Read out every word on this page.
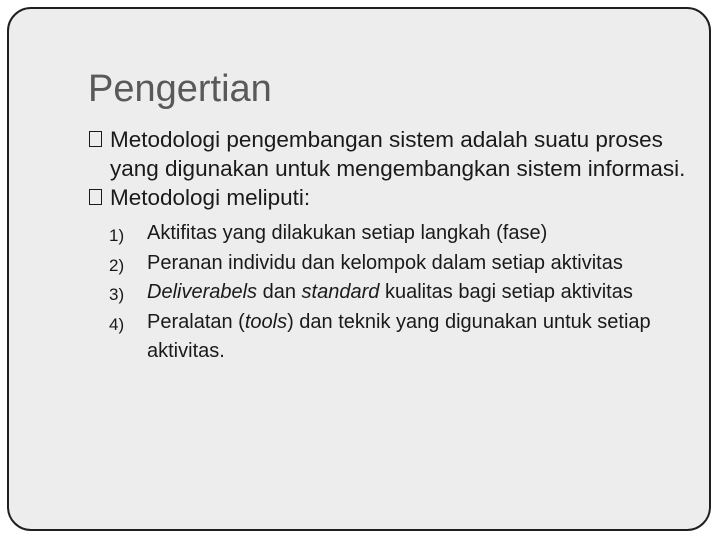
Pengertian
Metodologi pengembangan sistem adalah suatu proses yang digunakan untuk mengembangkan sistem informasi.
Metodologi meliputi:
1) Aktifitas yang dilakukan setiap langkah (fase)
2) Peranan individu dan kelompok dalam setiap aktivitas
3) Deliverabels dan standard kualitas bagi setiap aktivitas
4) Peralatan (tools) dan teknik yang digunakan untuk setiap aktivitas.
